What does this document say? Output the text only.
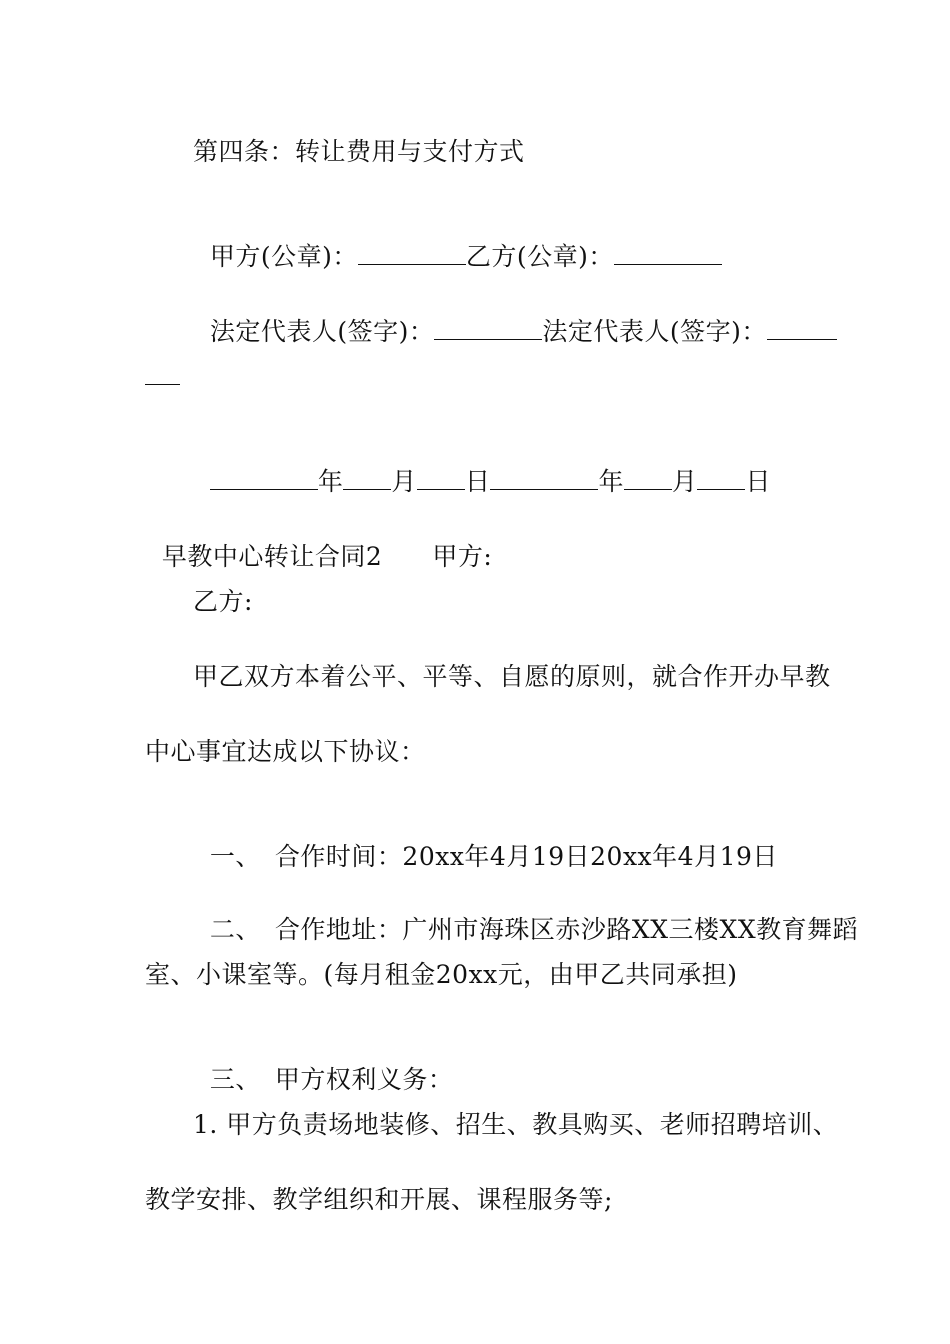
第四条：转让费用与支付方式

甲方(公章)：	乙方(公章)：

法定代表人(签字)：	法定代表人(签字)：

年 月 日	年 月 日

早教中心转让合同2 甲方:

乙方:
甲乙双方本着公平、平等、自愿的原则，就合作开办早教
中心事宜达成以下协议：

一、 合作时间：20xx年4月19日20xx年4月19日

二、 合作地址：广州市海珠区赤沙路XX三楼XX教育舞蹈

室、小课室等。(每月租金20xx元，由甲乙共同承担)

三、 甲方权利义务：

1. 甲方负责场地装修、招生、教具购买、老师招聘培训、
教学安排、教学组织和开展、课程服务等;
